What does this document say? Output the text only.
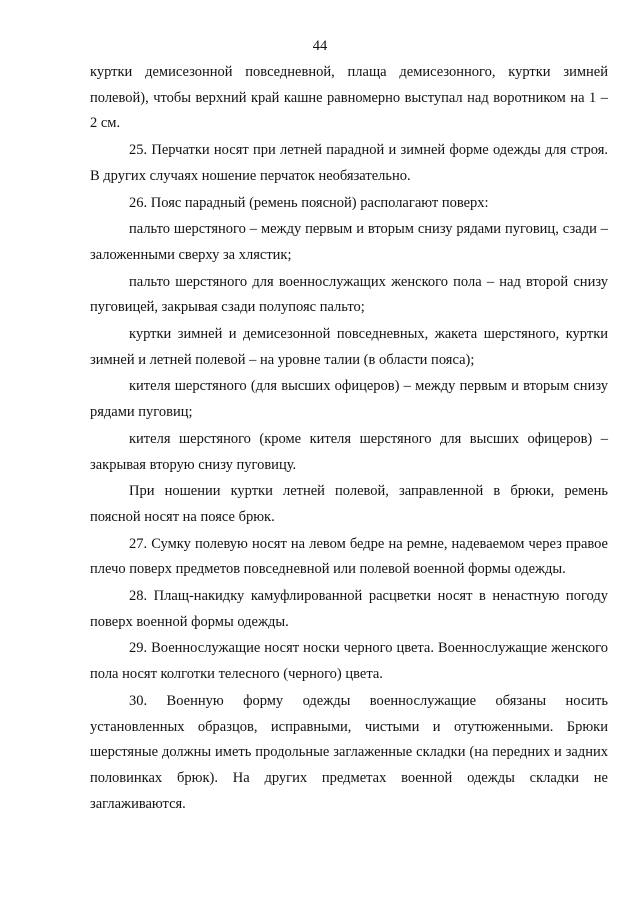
44

куртки демисезонной повседневной, плаща демисезонного, куртки зимней полевой), чтобы верхний край кашне равномерно выступал над воротником на 1 – 2 см.

25. Перчатки носят при летней парадной и зимней форме одежды для строя. В других случаях ношение перчаток необязательно.

26. Пояс парадный (ремень поясной) располагают поверх:

пальто шерстяного – между первым и вторым снизу рядами пуговиц, сзади – заложенными сверху за хлястик;

пальто шерстяного для военнослужащих женского пола – над второй снизу пуговицей, закрывая сзади полупояс пальто;

куртки зимней и демисезонной повседневных, жакета шерстяного, куртки зимней и летней полевой – на уровне талии (в области пояса);

кителя шерстяного (для высших офицеров) – между первым и вторым снизу рядами пуговиц;

кителя шерстяного (кроме кителя шерстяного для высших офицеров) – закрывая вторую снизу пуговицу.

При ношении куртки летней полевой, заправленной в брюки, ремень поясной носят на поясе брюк.

27. Сумку полевую носят на левом бедре на ремне, надеваемом через правое плечо поверх предметов повседневной или полевой военной формы одежды.

28. Плащ-накидку камуфлированной расцветки носят в ненастную погоду поверх военной формы одежды.

29. Военнослужащие носят носки черного цвета. Военнослужащие женского пола носят колготки телесного (черного) цвета.

30. Военную форму одежды военнослужащие обязаны носить установленных образцов, исправными, чистыми и отутюженными. Брюки шерстяные должны иметь продольные заглаженные складки (на передних и задних половинках брюк). На других предметах военной одежды складки не заглаживаются.
